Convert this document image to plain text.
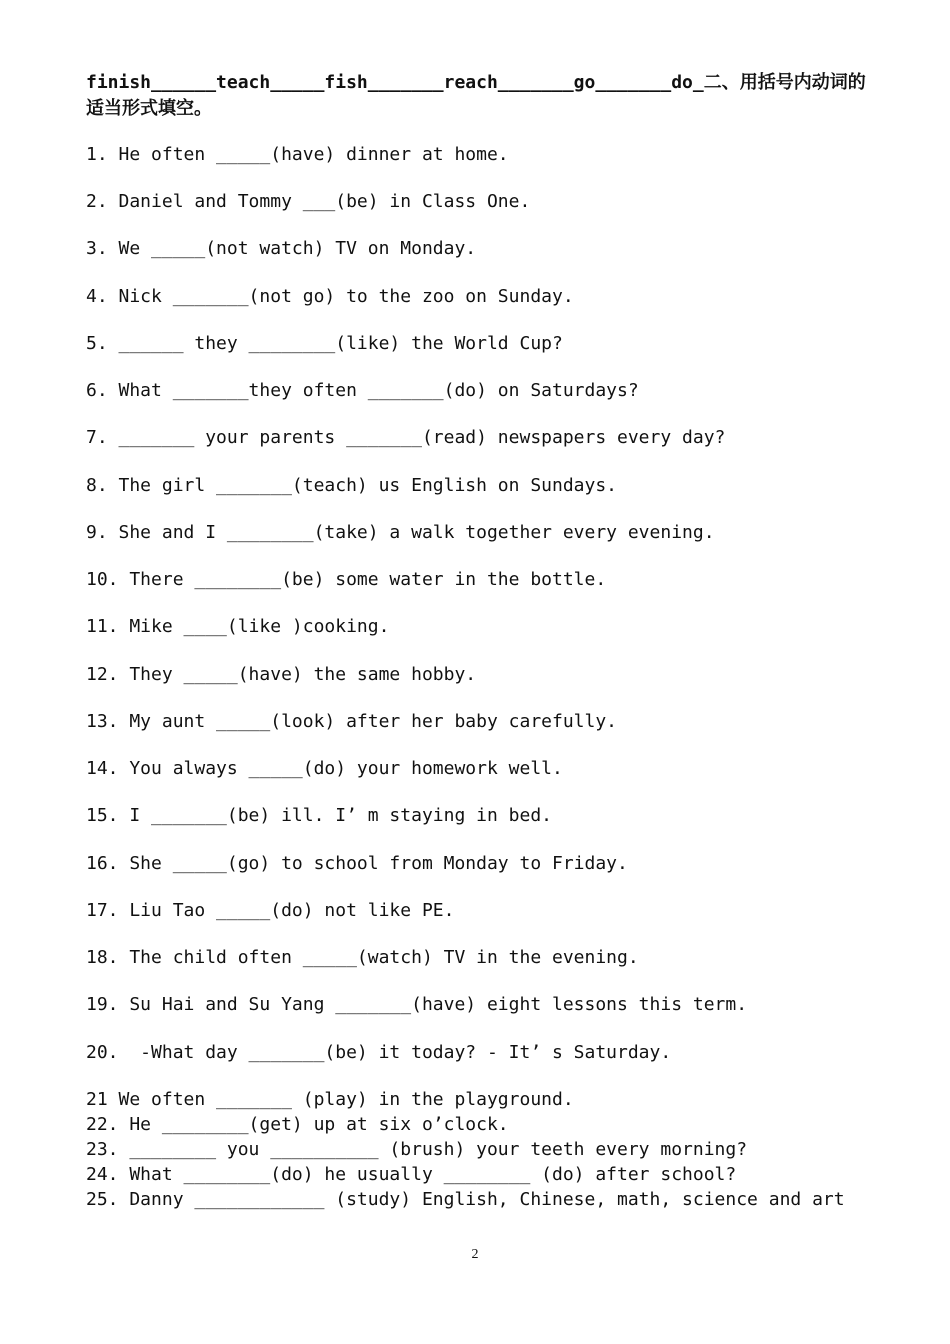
finish______teach_____fish_______reach_______go_______do_二、用括号内动词的适当形式填空。
1. He often _____(have) dinner at home.
2. Daniel and Tommy ___(be) in Class One.
3. We _____(not watch) TV on Monday.
4. Nick _______(not go) to the zoo on Sunday.
5. ______ they ________(like) the World Cup?
6. What _______they often _______(do) on Saturdays?
7. _______ your parents _______(read) newspapers every day?
8. The girl _______(teach) us English on Sundays.
9. She and I ________(take) a walk together every evening.
10. There ________(be) some water in the bottle.
11. Mike ____(like )cooking.
12. They _____(have) the same hobby.
13. My aunt _____(look) after her baby carefully.
14. You always _____(do) your homework well.
15. I _______(be) ill. I’ m staying in bed.
16. She _____(go) to school from Monday to Friday.
17. Liu Tao _____(do) not like PE.
18. The child often _____(watch) TV in the evening.
19. Su Hai and Su Yang _______(have) eight lessons this term.
20.  -What day _______(be) it today? - It’ s Saturday.
21 We often _______ (play) in the playground.
22. He ________(get) up at six o’clock.
23. ________ you __________ (brush) your teeth every morning?
24. What ________(do) he usually ________ (do) after school?
25. Danny ____________ (study) English, Chinese, math, science and art
2
